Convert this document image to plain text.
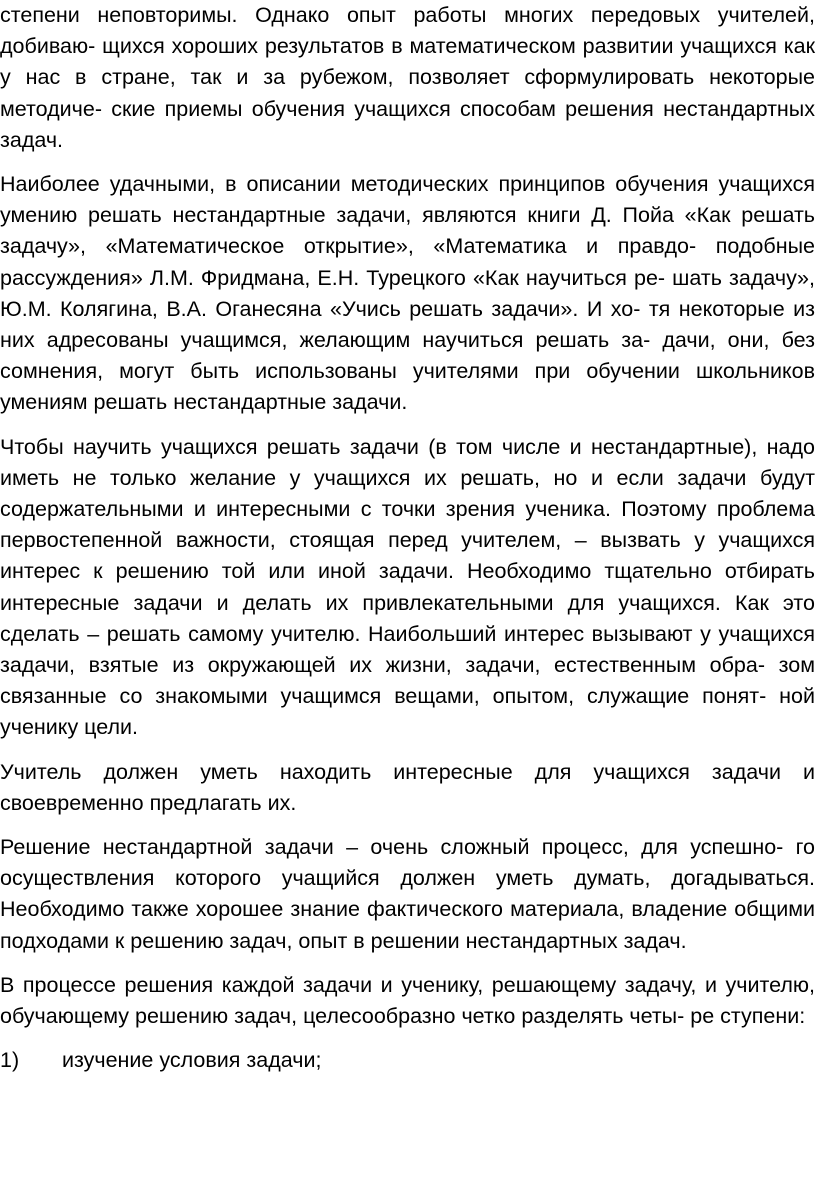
степени неповторимы. Однако опыт работы многих передовых учителей, добиваю- щихся хороших результатов в математическом развитии учащихся как у нас в стране, так и за рубежом, позволяет сформулировать некоторые методиче- ские приемы обучения учащихся способам решения нестандартных задач.

Наиболее удачными, в описании методических принципов обучения учащихся умению решать нестандартные задачи, являются книги Д. Пойа «Как решать задачу», «Математическое открытие», «Математика и правдо- подобные рассуждения» Л.М. Фридмана, Е.Н. Турецкого «Как научиться ре- шать задачу», Ю.М. Колягина, В.А. Оганесяна «Учись решать задачи». И хо- тя некоторые из них адресованы учащимся, желающим научиться решать за- дачи, они, без сомнения, могут быть использованы учителями при обучении школьников умениям решать нестандартные задачи.

Чтобы научить учащихся решать задачи (в том числе и нестандартные), надо иметь не только желание у учащихся их решать, но и если задачи будут содержательными и интересными с точки зрения ученика. Поэтому проблема первостепенной важности, стоящая перед учителем, – вызвать у учащихся интерес к решению той или иной задачи. Необходимо тщательно отбирать интересные задачи и делать их привлекательными для учащихся. Как это сделать – решать самому учителю. Наибольший интерес вызывают у учащихся задачи, взятые из окружающей их жизни, задачи, естественным обра- зом связанные со знакомыми учащимся вещами, опытом, служащие понят- ной ученику цели.

Учитель должен уметь находить интересные для учащихся задачи и своевременно предлагать их.

Решение нестандартной задачи – очень сложный процесс, для успешно- го осуществления которого учащийся должен уметь думать, догадываться. Необходимо также хорошее знание фактического материала, владение общими подходами к решению задач, опыт в решении нестандартных задач.

В процессе решения каждой задачи и ученику, решающему задачу, и учителю, обучающему решению задач, целесообразно четко разделять четы- ре ступени:

1)	изучение условия задачи;
